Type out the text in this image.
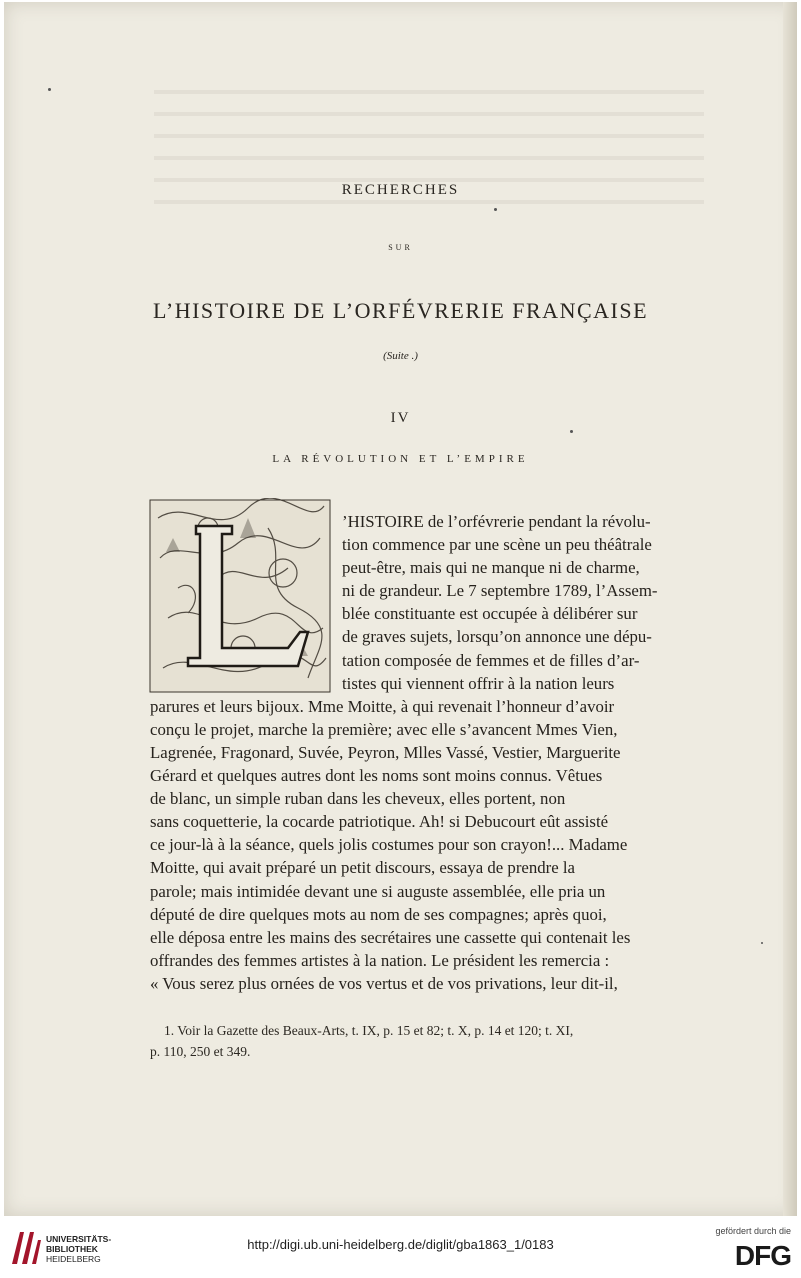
RECHERCHES
SUR
L’HISTOIRE DE L’ORFÉVRERIE FRANÇAISE
(Suite .)
IV
LA RÉVOLUTION ET L’EMPIRE
’HISTOIRE de l’orfévrerie pendant la révolu-
tion commence par une scène un peu théâtrale
peut-être, mais qui ne manque ni de charme,
ni de grandeur. Le 7 septembre 1789, l’Assem-
blée constituante est occupée à délibérer sur
de graves sujets, lorsqu’on annonce une dépu-
tation composée de femmes et de filles d’ar-
tistes qui viennent offrir à la nation leurs
parures et leurs bijoux. Mme Moitte, à qui revenait l’honneur d’avoir
conçu le projet, marche la première; avec elle s’avancent Mmes Vien,
Lagrenée, Fragonard, Suvée, Peyron, Mlles Vassé, Vestier, Marguerite
Gérard et quelques autres dont les noms sont moins connus. Vêtues
de blanc, un simple ruban dans les cheveux, elles portent, non
sans coquetterie, la cocarde patriotique. Ah! si Debucourt eût assisté
ce jour-là à la séance, quels jolis costumes pour son crayon!... Madame
Moitte, qui avait préparé un petit discours, essaya de prendre la
parole; mais intimidée devant une si auguste assemblée, elle pria un
député de dire quelques mots au nom de ses compagnes; après quoi,
elle déposa entre les mains des secrétaires une cassette qui contenait les
offrandes des femmes artistes à la nation. Le président les remercia :
« Vous serez plus ornées de vos vertus et de vos privations, leur dit-il,
1. Voir la Gazette des Beaux-Arts, t. IX, p. 15 et 82; t. X, p. 14 et 120; t. XI,
p. 110, 250 et 349.
UNIVERSITÄTS-
BIBLIOTHEK
HEIDELBERG
http://digi.ub.uni-heidelberg.de/diglit/gba1863_1/0183
gefördert durch die
DFG
